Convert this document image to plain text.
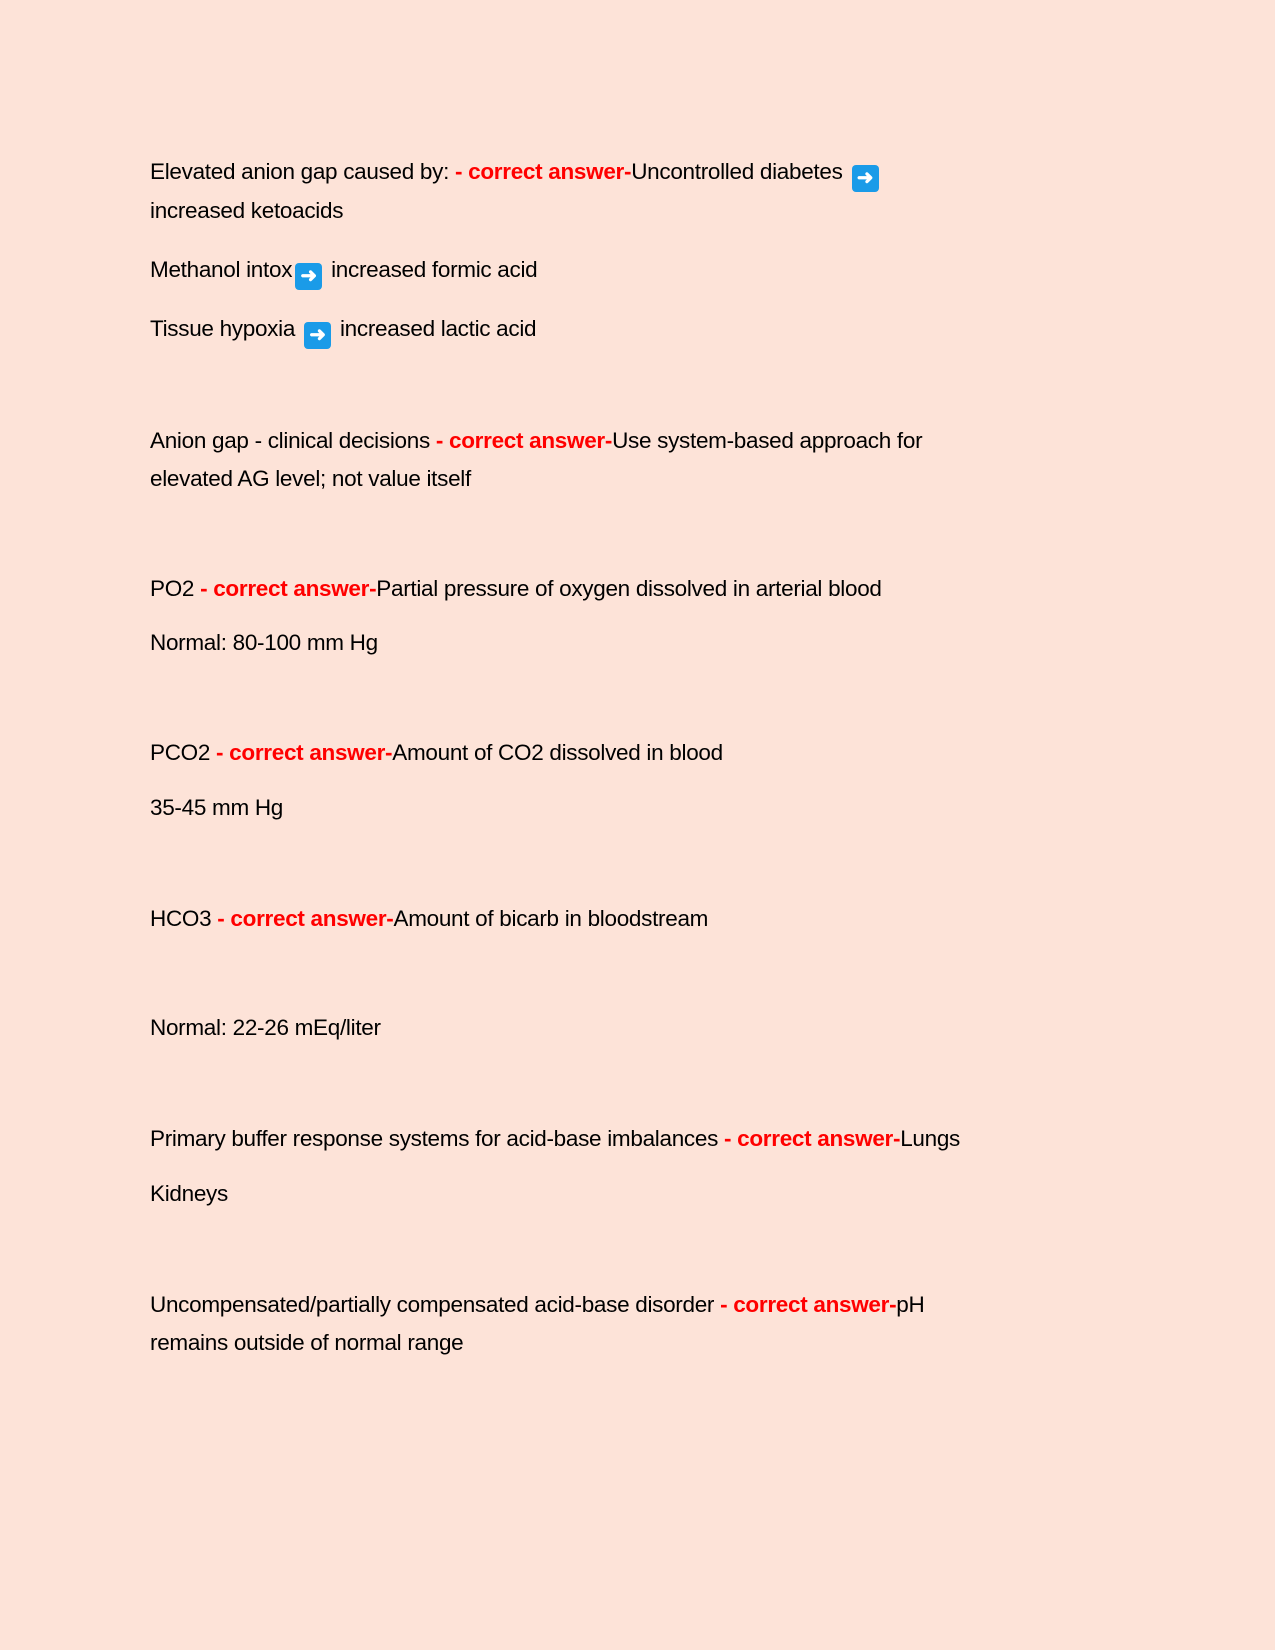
Elevated anion gap caused by: - correct answer-Uncontrolled diabetes ➜
increased ketoacids
Methanol intox ➜ increased formic acid
Tissue hypoxia ➜ increased lactic acid
Anion gap - clinical decisions - correct answer-Use system-based approach for
elevated AG level; not value itself
PO2 - correct answer-Partial pressure of oxygen dissolved in arterial blood
Normal: 80-100 mm Hg
PCO2 - correct answer-Amount of CO2 dissolved in blood
35-45 mm Hg
HCO3 - correct answer-Amount of bicarb in bloodstream
Normal: 22-26 mEq/liter
Primary buffer response systems for acid-base imbalances - correct answer-Lungs
Kidneys
Uncompensated/partially compensated acid-base disorder - correct answer-pH
remains outside of normal range
